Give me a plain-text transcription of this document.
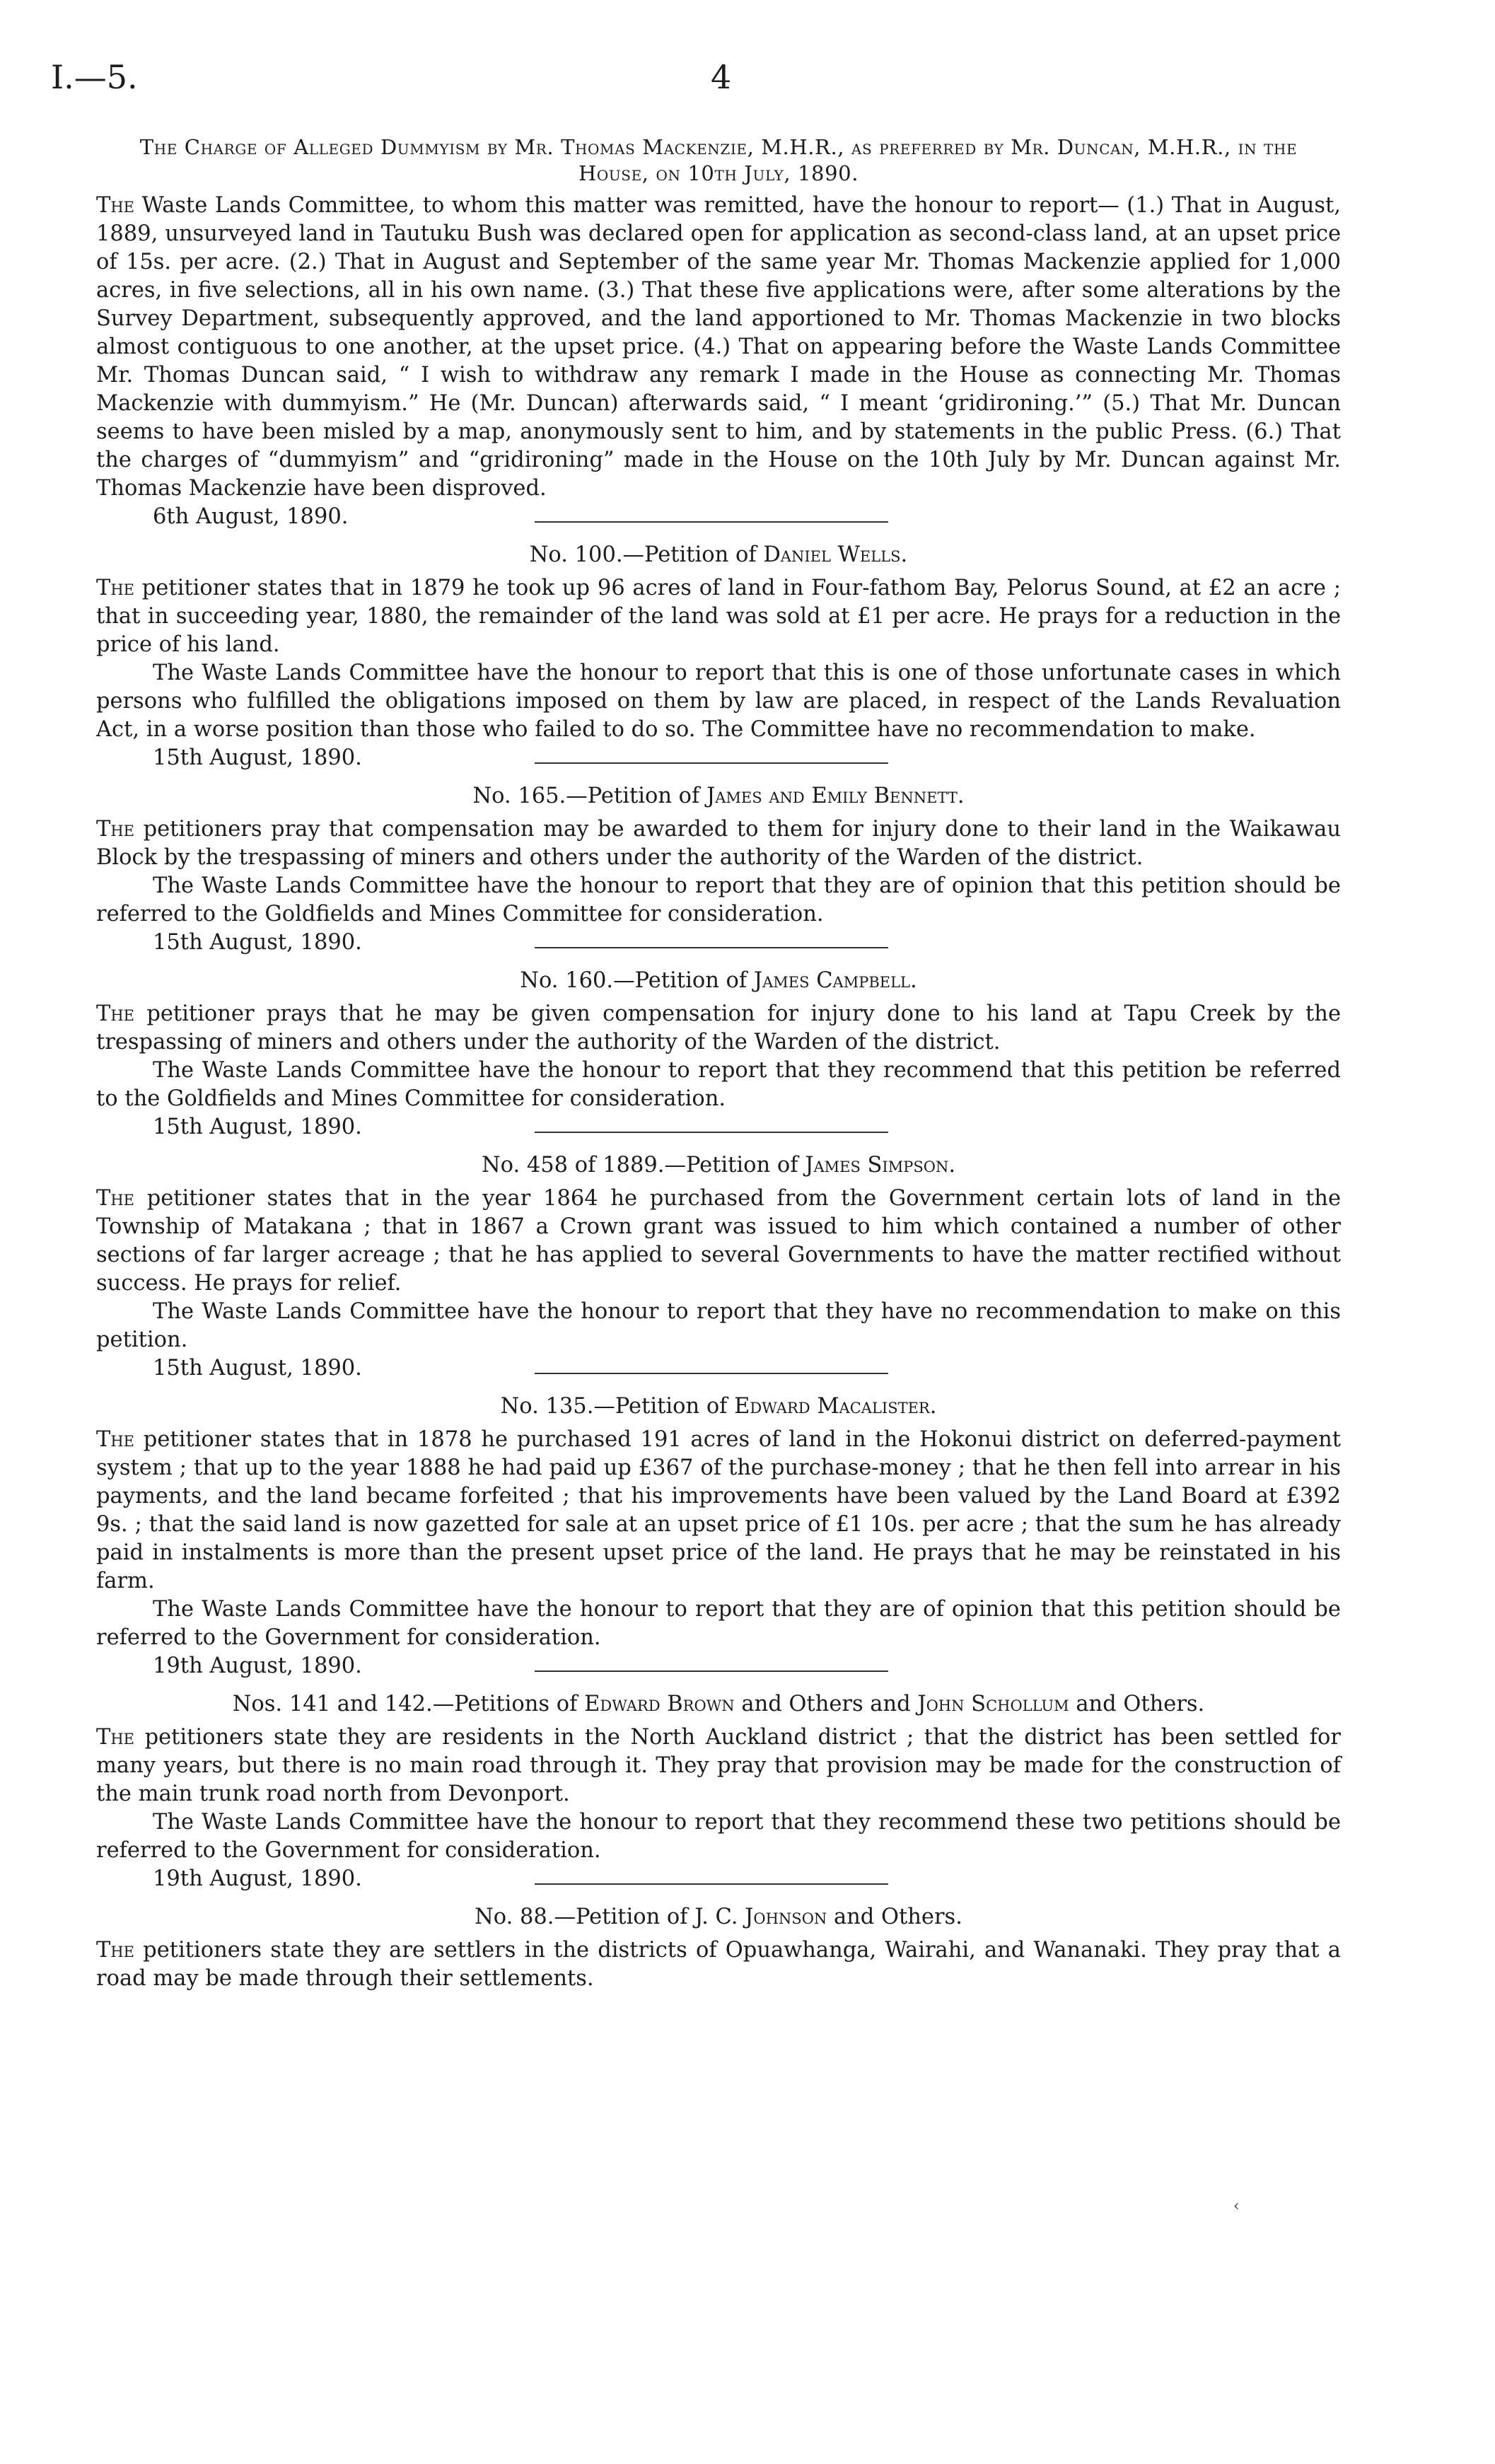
I.—5.	4
The Charge of Alleged Dummyism by Mr. Thomas Mackenzie, M.H.R., as preferred by Mr. Duncan, M.H.R., in the House, on 10th July, 1890.

The Waste Lands Committee, to whom this matter was remitted, have the honour to report— (1.) That in August, 1889, unsurveyed land in Tautuku Bush was declared open for application as second-class land, at an upset price of 15s. per acre. (2.) That in August and September of the same year Mr. Thomas Mackenzie applied for 1,000 acres, in five selections, all in his own name. (3.) That these five applications were, after some alterations by the Survey Department, subsequently approved, and the land apportioned to Mr. Thomas Mackenzie in two blocks almost contiguous to one another, at the upset price. (4.) That on appearing before the Waste Lands Committee Mr. Thomas Duncan said, “ I wish to withdraw any remark I made in the House as connecting Mr. Thomas Mackenzie with dummyism.” He (Mr. Duncan) afterwards said, “ I meant ‘gridironing.’” (5.) That Mr. Duncan seems to have been misled by a map, anonymously sent to him, and by statements in the public Press. (6.) That the charges of “dummyism” and “gridironing” made in the House on the 10th July by Mr. Duncan against Mr. Thomas Mackenzie have been disproved.

6th August, 1890.

No. 100.—Petition of Daniel Wells.

The petitioner states that in 1879 he took up 96 acres of land in Four-fathom Bay, Pelorus Sound, at £2 an acre ; that in succeeding year, 1880, the remainder of the land was sold at £1 per acre. He prays for a reduction in the price of his land.

The Waste Lands Committee have the honour to report that this is one of those unfortunate cases in which persons who fulfilled the obligations imposed on them by law are placed, in respect of the Lands Revaluation Act, in a worse position than those who failed to do so. The Committee have no recommendation to make.

15th August, 1890.

No. 165.—Petition of James and Emily Bennett.

The petitioners pray that compensation may be awarded to them for injury done to their land in the Waikawau Block by the trespassing of miners and others under the authority of the Warden of the district.

The Waste Lands Committee have the honour to report that they are of opinion that this petition should be referred to the Goldfields and Mines Committee for consideration.

15th August, 1890.

No. 160.—Petition of James Campbell.

The petitioner prays that he may be given compensation for injury done to his land at Tapu Creek by the trespassing of miners and others under the authority of the Warden of the district.

The Waste Lands Committee have the honour to report that they recommend that this petition be referred to the Goldfields and Mines Committee for consideration.

15th August, 1890.

No. 458 of 1889.—Petition of James Simpson.

The petitioner states that in the year 1864 he purchased from the Government certain lots of land in the Township of Matakana ; that in 1867 a Crown grant was issued to him which contained a number of other sections of far larger acreage ; that he has applied to several Governments to have the matter rectified without success. He prays for relief.

The Waste Lands Committee have the honour to report that they have no recommendation to make on this petition.

15th August, 1890.

No. 135.—Petition of Edward Macalister.

The petitioner states that in 1878 he purchased 191 acres of land in the Hokonui district on deferred-payment system ; that up to the year 1888 he had paid up £367 of the purchase-money ; that he then fell into arrear in his payments, and the land became forfeited ; that his improvements have been valued by the Land Board at £392 9s. ; that the said land is now gazetted for sale at an upset price of £1 10s. per acre ; that the sum he has already paid in instalments is more than the present upset price of the land. He prays that he may be reinstated in his farm.

The Waste Lands Committee have the honour to report that they are of opinion that this petition should be referred to the Government for consideration.

19th August, 1890.

Nos. 141 and 142.—Petitions of Edward Brown and Others and John Schollum and Others.

The petitioners state they are residents in the North Auckland district ; that the district has been settled for many years, but there is no main road through it. They pray that provision may be made for the construction of the main trunk road north from Devonport.

The Waste Lands Committee have the honour to report that they recommend these two petitions should be referred to the Government for consideration.

19th August, 1890.

No. 88.—Petition of J. C. Johnson and Others.

The petitioners state they are settlers in the districts of Opuawhanga, Wairahi, and Wananaki. They pray that a road may be made through their settlements.

‹
